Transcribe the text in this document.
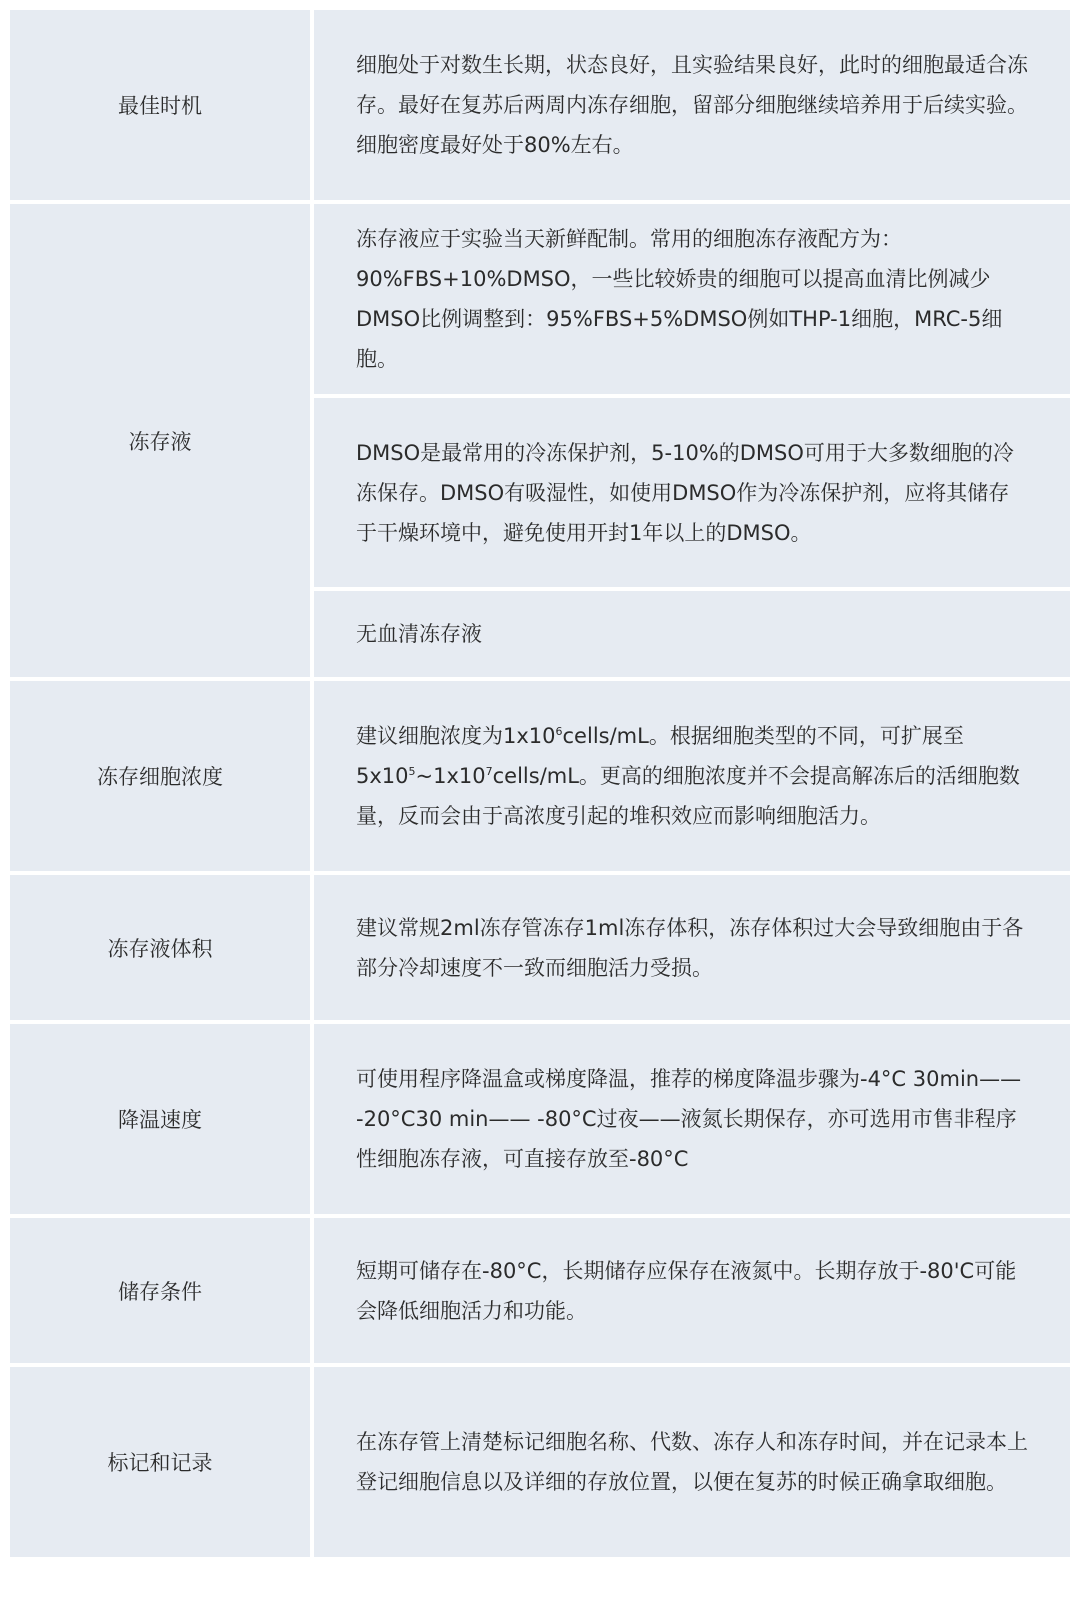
最佳时机

细胞处于对数生长期，状态良好，且实验结果良好，此时的细胞最适合冻存。最好在复苏后两周内冻存细胞，留部分细胞继续培养用于后续实验。细胞密度最好处于80%左右。

冻存液

冻存液应于实验当天新鲜配制。常用的细胞冻存液配方为：90%FBS+10%DMSO，一些比较娇贵的细胞可以提高血清比例减少DMSO比例调整到：95%FBS+5%DMSO例如THP-1细胞，MRC-5细胞。

DMSO是最常用的冷冻保护剂，5-10%的DMSO可用于大多数细胞的冷冻保存。DMSO有吸湿性，如使用DMSO作为冷冻保护剂，应将其储存于干燥环境中，避免使用开封1年以上的DMSO。

无血清冻存液

冻存细胞浓度

建议细胞浓度为$1x10^6cells/mL$。根据细胞类型的不同，可扩展至$5x10^5\sim 1x10^7cells/mL$。更高的细胞浓度并不会提高解冻后的活细胞数量，反而会由于高浓度引起的堆积效应而影响细胞活力。

冻存液体积

建议常规2ml冻存管冻存1ml冻存体积，冻存体积过大会导致细胞由于各部分冷却速度不一致而细胞活力受损。

降温速度

可使用程序降温盒或梯度降温，推荐的梯度降温步骤为-4°C 30min—— -20°C30 min—— -80°C过夜——液氮长期保存，亦可选用市售非程序性细胞冻存液，可直接存放至-80°C

储存条件

短期可储存在-80°C，长期储存应保存在液氮中。长期存放于-80'C可能会降低细胞活力和功能。

标记和记录

在冻存管上清楚标记细胞名称、代数、冻存人和冻存时间，并在记录本上登记细胞信息以及详细的存放位置，以便在复苏的时候正确拿取细胞。
